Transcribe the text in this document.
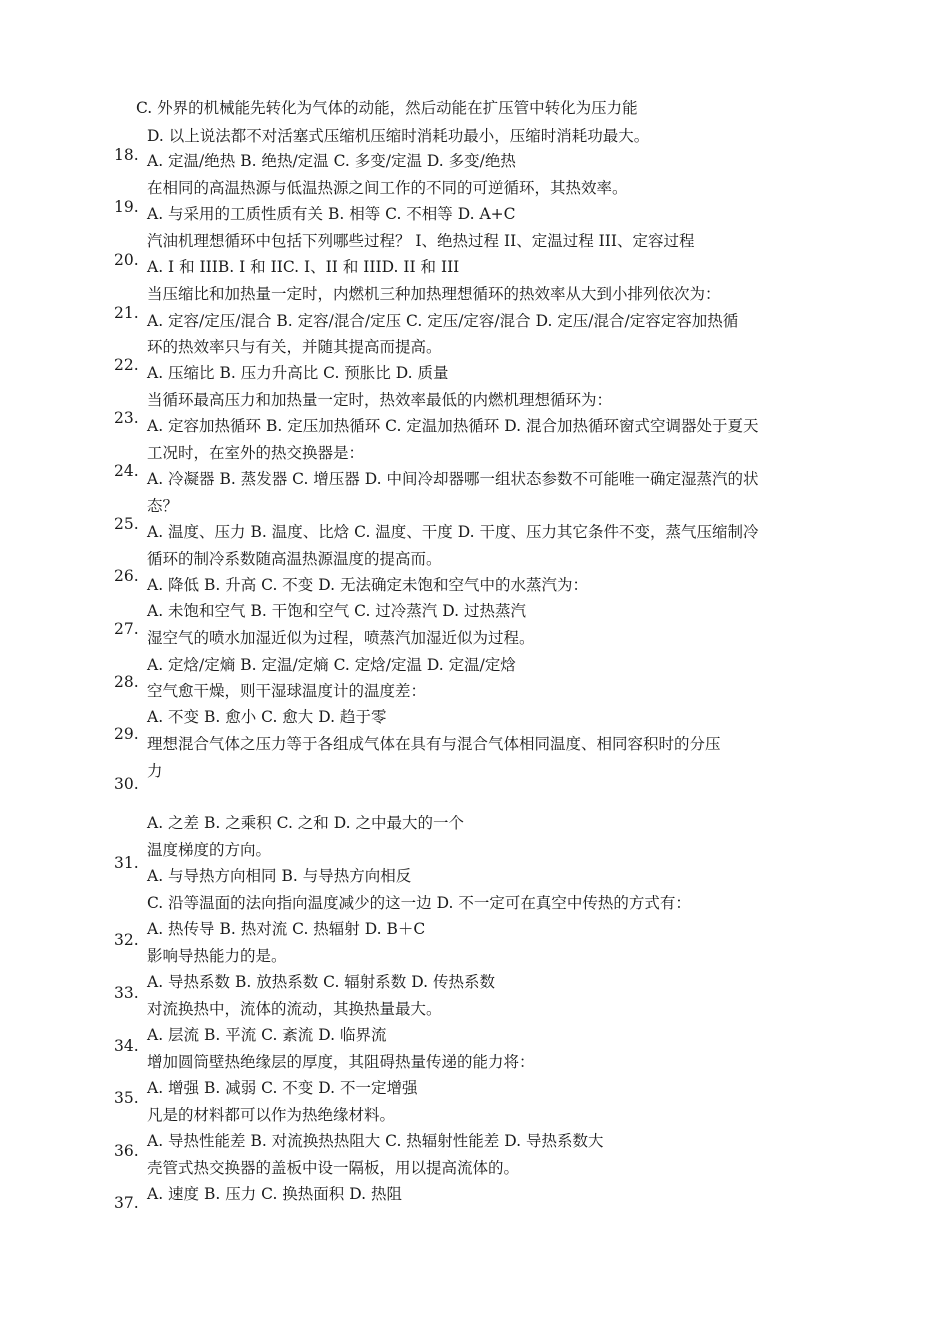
C. 外界的机械能先转化为气体的动能，然后动能在扩压管中转化为压力能
D. 以上说法都不对活塞式压缩机压缩时消耗功最小，压缩时消耗功最大。
A. 定温/绝热 B. 绝热/定温 C. 多变/定温 D. 多变/绝热
在相同的高温热源与低温热源之间工作的不同的可逆循环，其热效率。
A. 与采用的工质性质有关 B. 相等 C. 不相等 D. A+C
汽油机理想循环中包括下列哪些过程？ I、绝热过程 II、定温过程 III、定容过程
A. I 和 IIIB. I 和 IIC. I、II 和 IIID. II 和 III
当压缩比和加热量一定时，内燃机三种加热理想循环的热效率从大到小排列依次为：
A. 定容/定压/混合 B. 定容/混合/定压 C. 定压/定容/混合 D. 定压/混合/定容定容加热循
环的热效率只与有关，并随其提高而提高。
A. 压缩比 B. 压力升高比 C. 预胀比 D. 质量
当循环最高压力和加热量一定时，热效率最低的内燃机理想循环为：
A. 定容加热循环 B. 定压加热循环 C. 定温加热循环 D. 混合加热循环窗式空调器处于夏天
工况时，在室外的热交换器是：
A. 冷凝器 B. 蒸发器 C. 增压器 D. 中间冷却器哪一组状态参数不可能唯一确定湿蒸汽的状
态？
A. 温度、压力 B. 温度、比焓 C. 温度、干度 D. 干度、压力其它条件不变，蒸气压缩制冷
循环的制冷系数随高温热源温度的提高而。
A. 降低 B. 升高 C. 不变 D. 无法确定未饱和空气中的水蒸汽为：
A. 未饱和空气 B. 干饱和空气 C. 过冷蒸汽 D. 过热蒸汽
湿空气的喷水加湿近似为过程，喷蒸汽加湿近似为过程。
A. 定焓/定熵 B. 定温/定熵 C. 定焓/定温 D. 定温/定焓
空气愈干燥，则干湿球温度计的温度差：
A. 不变 B. 愈小 C. 愈大 D. 趋于零
理想混合气体之压力等于各组成气体在具有与混合气体相同温度、相同容积时的分压
力
A. 之差 B. 之乘积 C. 之和 D. 之中最大的一个
温度梯度的方向。
A. 与导热方向相同 B. 与导热方向相反
C. 沿等温面的法向指向温度减少的这一边 D. 不一定可在真空中传热的方式有：
A. 热传导 B. 热对流 C. 热辐射 D. B＋C
影响导热能力的是。
A. 导热系数 B. 放热系数 C. 辐射系数 D. 传热系数
对流换热中，流体的流动，其换热量最大。
A. 层流 B. 平流 C. 紊流 D. 临界流
增加圆筒壁热绝缘层的厚度，其阻碍热量传递的能力将：
A. 增强 B. 减弱 C. 不变 D. 不一定增强
凡是的材料都可以作为热绝缘材料。
A. 导热性能差 B. 对流换热热阻大 C. 热辐射性能差 D. 导热系数大
壳管式热交换器的盖板中设一隔板，用以提高流体的。
A. 速度 B. 压力 C. 换热面积 D. 热阻
18.
19.
20.
21.
22.
23.
24.
25.
26.
27.
28.
29.
30.
31.
32.
33.
34.
35.
36.
37.
